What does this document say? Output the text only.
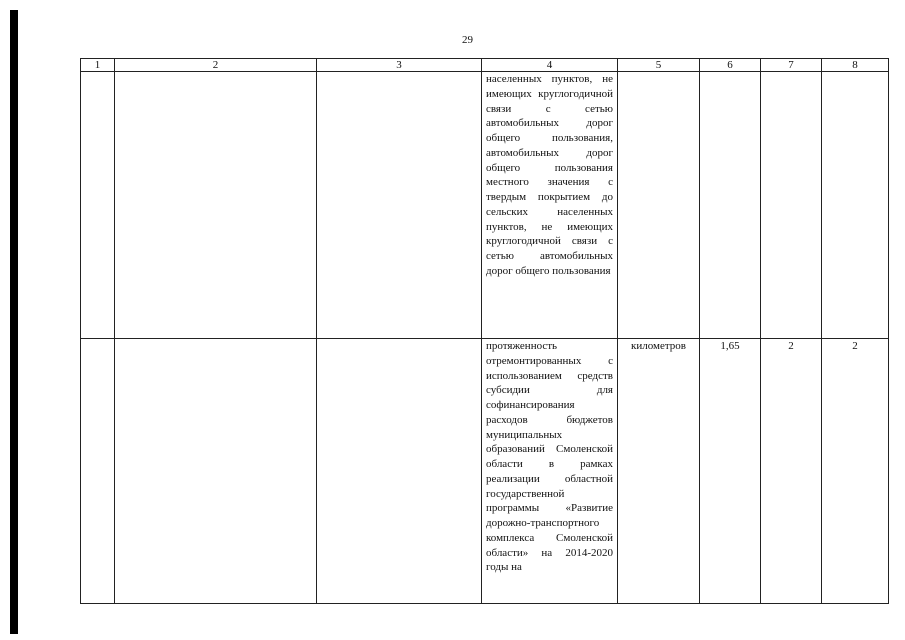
29
1	2	3	4	5	6	7	8
			населенных пунктов, не имеющих круглогодичной связи с сетью автомобильных дорог общего пользования, автомобильных дорог общего пользования местного значения с твердым покрытием до сельских населенных пунктов, не имеющих круглогодичной связи с сетью автомобильных дорог общего пользования				
			протяженность отремонтированных с использованием средств субсидии для софинансирования расходов бюджетов муниципальных образований Смоленской области в рамках реализации областной государственной программы «Развитие дорожно-транспортного комплекса Смоленской области» на 2014-2020 годы на	километров	1,65	2	2
